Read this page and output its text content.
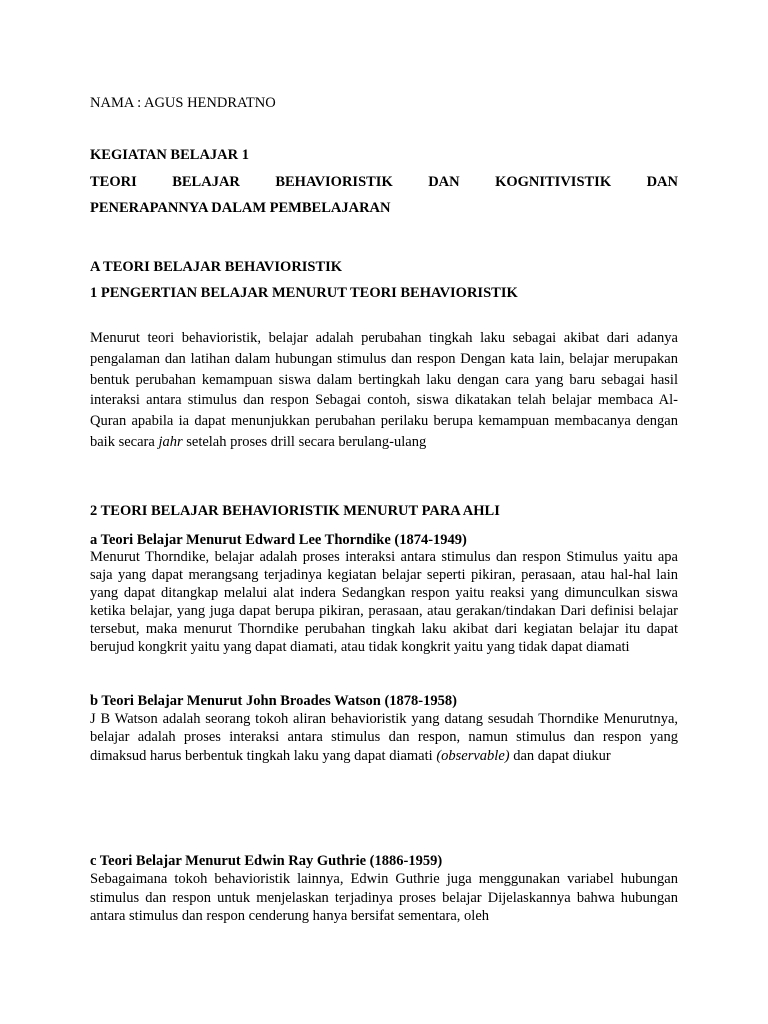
NAMA : AGUS HENDRATNO

KEGIATAN BELAJAR 1

TEORI BELAJAR BEHAVIORISTIK DAN KOGNITIVISTIK DAN

PENERAPANNYA DALAM PEMBELAJARAN

A TEORI BELAJAR BEHAVIORISTIK

1 PENGERTIAN BELAJAR MENURUT TEORI BEHAVIORISTIK

Menurut teori behavioristik, belajar adalah perubahan tingkah laku sebagai akibat dari adanya pengalaman dan latihan dalam hubungan stimulus dan respon Dengan kata lain, belajar merupakan bentuk perubahan kemampuan siswa dalam bertingkah laku dengan cara yang baru sebagai hasil interaksi antara stimulus dan respon Sebagai contoh, siswa dikatakan telah belajar membaca Al-Quran apabila ia dapat menunjukkan perubahan perilaku berupa kemampuan membacanya dengan baik secara jahr setelah proses drill secara berulang-ulang

2 TEORI BELAJAR BEHAVIORISTIK MENURUT PARA AHLI

a Teori Belajar Menurut Edward Lee Thorndike (1874-1949)

Menurut Thorndike, belajar adalah proses interaksi antara stimulus dan respon Stimulus yaitu apa saja yang dapat merangsang terjadinya kegiatan belajar seperti pikiran, perasaan, atau hal-hal lain yang dapat ditangkap melalui alat indera Sedangkan respon yaitu reaksi yang dimunculkan siswa ketika belajar, yang juga dapat berupa pikiran, perasaan, atau gerakan/tindakan Dari definisi belajar tersebut, maka menurut Thorndike perubahan tingkah laku akibat dari kegiatan belajar itu dapat berujud kongkrit yaitu yang dapat diamati, atau tidak kongkrit yaitu yang tidak dapat diamati

b Teori Belajar Menurut John Broades Watson (1878-1958)

J B Watson adalah seorang tokoh aliran behavioristik yang datang sesudah Thorndike Menurutnya, belajar adalah proses interaksi antara stimulus dan respon, namun stimulus dan respon yang dimaksud harus berbentuk tingkah laku yang dapat diamati (observable) dan dapat diukur

c Teori Belajar Menurut Edwin Ray Guthrie (1886-1959)

Sebagaimana tokoh behavioristik lainnya, Edwin Guthrie juga menggunakan variabel hubungan stimulus dan respon untuk menjelaskan terjadinya proses belajar Dijelaskannya bahwa hubungan antara stimulus dan respon cenderung hanya bersifat sementara, oleh
